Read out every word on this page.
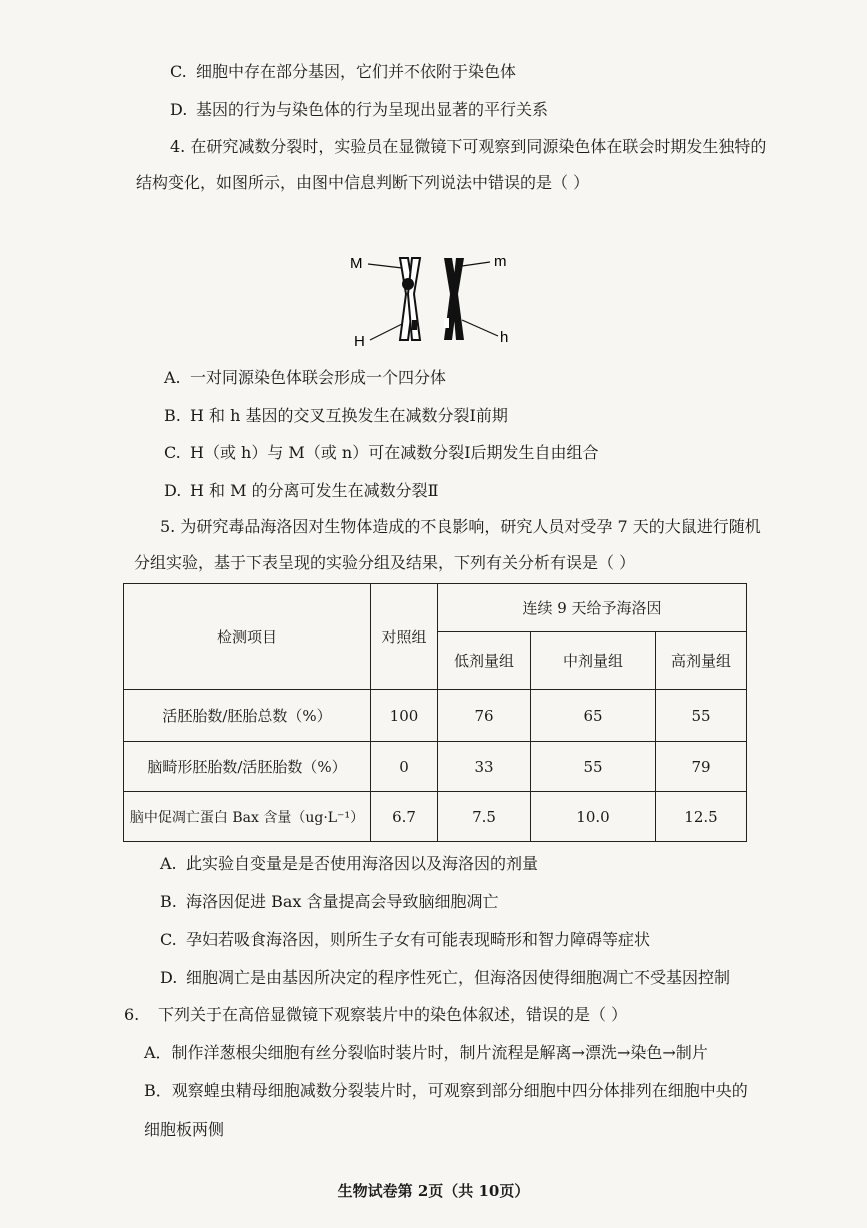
C. 细胞中存在部分基因，它们并不依附于染色体
D. 基因的行为与染色体的行为呈现出显著的平行关系
4. 在研究减数分裂时，实验员在显微镜下可观察到同源染色体在联会时期发生独特的
结构变化，如图所示，由图中信息判断下列说法中错误的是（ ）
M	m
H	h
A. 一对同源染色体联会形成一个四分体
B. H 和 h 基因的交叉互换发生在减数分裂Ⅰ前期
C. H（或 h）与 M（或 n）可在减数分裂Ⅰ后期发生自由组合
D. H 和 M 的分离可发生在减数分裂Ⅱ
5. 为研究毒品海洛因对生物体造成的不良影响，研究人员对受孕 7 天的大鼠进行随机
分组实验，基于下表呈现的实验分组及结果，下列有关分析有误是（ ）
检测项目	对照组	连续 9 天给予海洛因		
		低剂量组	中剂量组	高剂量组
活胚胎数/胚胎总数（%）	100	76	65	55
脑畸形胚胎数/活胚胎数（%）	0	33	55	79
脑中促凋亡蛋白 Bax 含量（ug·L⁻¹）	6.7	7.5	10.0	12.5
A. 此实验自变量是是否使用海洛因以及海洛因的剂量
B. 海洛因促进 Bax 含量提高会导致脑细胞凋亡
C. 孕妇若吸食海洛因，则所生子女有可能表现畸形和智力障碍等症状
D. 细胞凋亡是由基因所决定的程序性死亡，但海洛因使得细胞凋亡不受基因控制
6. 下列关于在高倍显微镜下观察装片中的染色体叙述，错误的是（ ）
A．制作洋葱根尖细胞有丝分裂临时装片时，制片流程是解离→漂洗→染色→制片
B．观察蝗虫精母细胞减数分裂装片时，可观察到部分细胞中四分体排列在细胞中央的
细胞板两侧
生物试卷第 2页（共 10页）
